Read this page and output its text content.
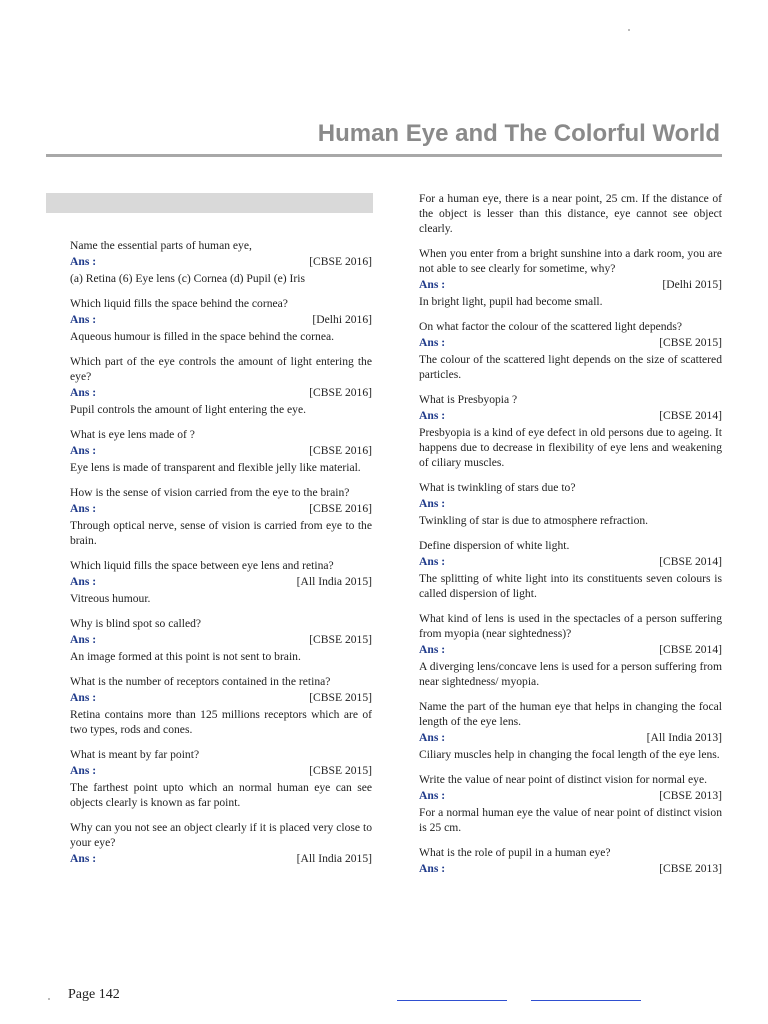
Human Eye and The Colorful World

Name the essential parts of human eye,

Ans :	[CBSE 2016]

(a) Retina (6) Eye lens (c) Cornea (d) Pupil (e) Iris

Which liquid fills the space behind the cornea?

Ans :	[Delhi 2016]

Aqueous humour is filled in the space behind the cornea.

Which part of the eye controls the amount of light entering the eye?

Ans :	[CBSE 2016]

Pupil controls the amount of light entering the eye.

What is eye lens made of ?

Ans :	[CBSE 2016]

Eye lens is made of transparent and flexible jelly like material.

How is the sense of vision carried from the eye to the brain?

Ans :	[CBSE 2016]

Through optical nerve, sense of vision is carried from eye to the brain.

Which liquid fills the space between eye lens and retina?

Ans :	[All India 2015]

Vitreous humour.

Why is blind spot so called?

Ans :	[CBSE 2015]

An image formed at this point is not sent to brain.

What is the number of receptors contained in the retina?

Ans :	[CBSE 2015]

Retina contains more than 125 millions receptors which are of two types, rods and cones.

What is meant by far point?

Ans :	[CBSE 2015]

The farthest point upto which an normal human eye can see objects clearly is known as far point.

Why can you not see an object clearly if it is placed very close to your eye?

Ans :	[All India 2015]

For a human eye, there is a near point, 25 cm. If the distance of the object is lesser than this distance, eye cannot see object clearly.

When you enter from a bright sunshine into a dark room, you are not able to see clearly for sometime, why?

Ans :	[Delhi 2015]

In bright light, pupil had become small.

On what factor the colour of the scattered light depends?

Ans :	[CBSE 2015]

The colour of the scattered light depends on the size of scattered particles.

What is Presbyopia ?

Ans :	[CBSE 2014]

Presbyopia is a kind of eye defect in old persons due to ageing. It happens due to decrease in flexibility of eye lens and weakening of ciliary muscles.

What is twinkling of stars due to?

Ans :

Twinkling of star is due to atmosphere refraction.

Define dispersion of white light.

Ans :	[CBSE 2014]

The splitting of white light into its constituents seven colours is called dispersion of light.

What kind of lens is used in the spectacles of a person suffering from myopia (near sightedness)?

Ans :	[CBSE 2014]

A diverging lens/concave lens is used for a person suffering from near sightedness/ myopia.

Name the part of the human eye that helps in changing the focal length of the eye lens.

Ans :	[All India 2013]

Ciliary muscles help in changing the focal length of the eye lens.

Write the value of near point of distinct vision for normal eye.

Ans :	[CBSE 2013]

For a normal human eye the value of near point of distinct vision is 25 cm.

What is the role of pupil in a human eye?

Ans :	[CBSE 2013]
Page 142
